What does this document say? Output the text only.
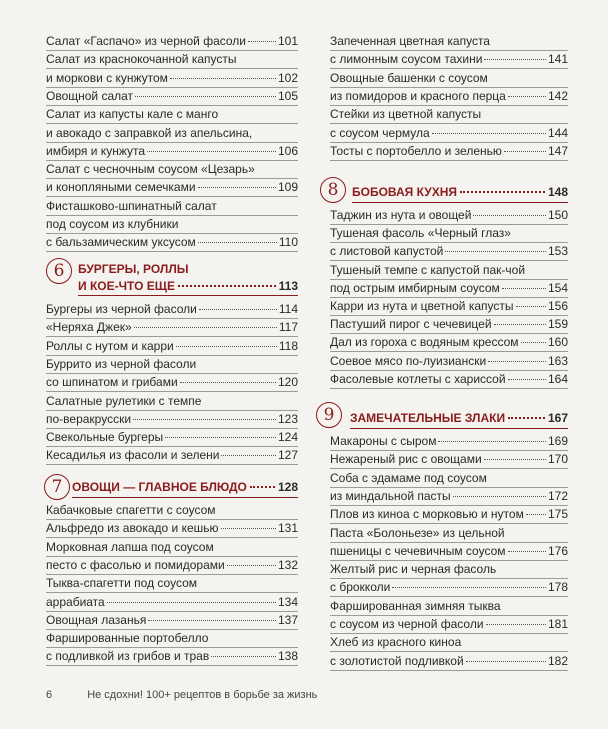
Салат «Гаспачо» из черной фасоли	101
Салат из краснокочанной капусты
и моркови с кунжутом	102
Овощной салат	105
Салат из капусты кале с манго
и авокадо с заправкой из апельсина,
имбиря и кунжута	106
Салат с чесночным соусом «Цезарь»
и конопляными семечками	109
Фисташково-шпинатный салат
под соусом из клубники
с бальзамическим уксусом	110
6	БУРГЕРЫ, РОЛЛЫ
И КОЕ-ЧТО ЕЩЕ	113
Бургеры из черной фасоли	114
«Неряха Джек»	117
Роллы с нутом и карри	118
Буррито из черной фасоли
со шпинатом и грибами	120
Салатные рулетики с темпе
по-веракрусски	123
Свекольные бургеры	124
Кесадилья из фасоли и зелени	127
7 ОВОЩИ — ГЛАВНОЕ БЛЮДО	128
Кабачковые спагетти с соусом
Альфредо из авокадо и кешью	131
Морковная лапша под соусом
песто с фасолью и помидорами	132
Тыква-спагетти под соусом
аррабиата	134
Овощная лазанья	137
Фаршированные портобелло
с подливкой из грибов и трав	138
Запеченная цветная капуста
с лимонным соусом тахини	141
Овощные башенки с соусом
из помидоров и красного перца	142
Стейки из цветной капусты
с соусом чермула	144
Тосты с портобелло и зеленью	147
8	БОБОВАЯ КУХНЯ	148
Таджин из нута и овощей	150
Тушеная фасоль «Черный глаз»
с листовой капустой	153
Тушеный темпе с капустой пак-чой
под острым имбирным соусом	154
Карри из нута и цветной капусты	156
Пастуший пирог с чечевицей	159
Дал из гороха с водяным крессом 160
Соевое мясо по-луизиански	163
Фасолевые котлеты с хариссой	164
9	ЗАМЕЧАТЕЛЬНЫЕ ЗЛАКИ	167
Макароны с сыром	169
Нежареный рис с овощами	170
Соба с эдамаме под соусом
из миндальной пасты	172
Плов из киноа с морковью и нутом 175
Паста «Болоньезе» из цельной
пшеницы с чечевичным соусом	176
Желтый рис и черная фасоль
с брокколи	178
Фаршированная зимняя тыква
с соусом из черной фасоли	181
Хлеб из красного киноа
с золотистой подливкой	182
6	Не сдохни! 100+ рецептов в борьбе за жизнь
